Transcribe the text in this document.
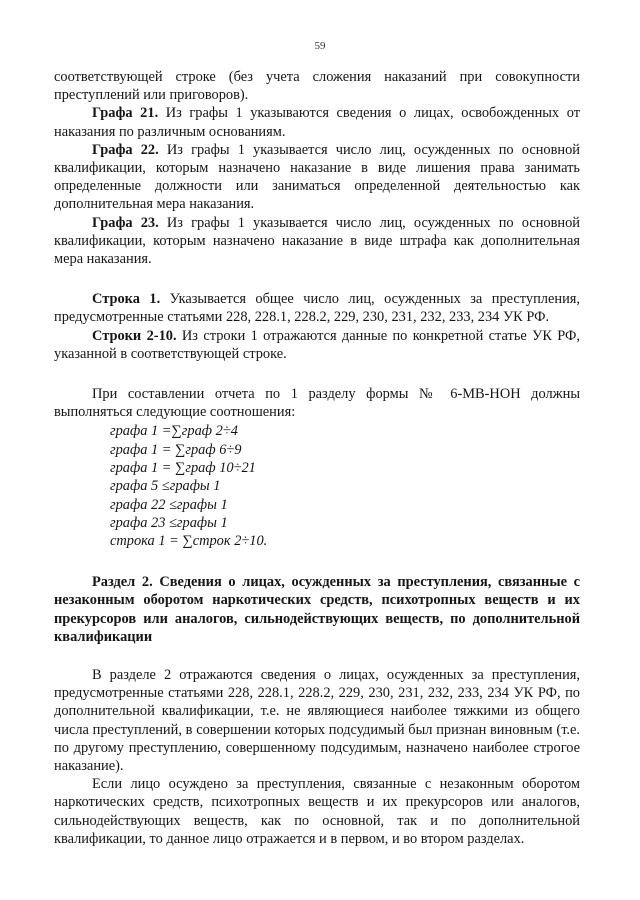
59

соответствующей строке (без учета сложения наказаний при совокупности преступлений или приговоров).

Графа 21. Из графы 1 указываются сведения о лицах, освобожденных от наказания по различным основаниям.

Графа 22. Из графы 1 указывается число лиц, осужденных по основной квалификации, которым назначено наказание в виде лишения права занимать определенные должности или заниматься определенной деятельностью как дополнительная мера наказания.

Графа 23. Из графы 1 указывается число лиц, осужденных по основной квалификации, которым назначено наказание в виде штрафа как дополнительная мера наказания.

Строка 1. Указывается общее число лиц, осужденных за преступления, предусмотренные статьями 228, 228.1, 228.2, 229, 230, 231, 232, 233, 234 УК РФ.

Строки 2-10. Из строки 1 отражаются данные по конкретной статье УК РФ, указанной в соответствующей строке.

При составлении отчета по 1 разделу формы № 6-МВ-НОН должны выполняться следующие соотношения:

графа 1 =∑граф 2÷4
графа 1 = ∑граф 6÷9
графа 1 = ∑граф 10÷21
графа 5 ≤графы 1
графа 22 ≤графы 1
графа 23 ≤графы 1
строка 1 = ∑строк 2÷10.

Раздел 2. Сведения о лицах, осужденных за преступления, связанные с незаконным оборотом наркотических средств, психотропных веществ и их прекурсоров или аналогов, сильнодействующих веществ, по дополнительной квалификации

В разделе 2 отражаются сведения о лицах, осужденных за преступления, предусмотренные статьями 228, 228.1, 228.2, 229, 230, 231, 232, 233, 234 УК РФ, по дополнительной квалификации, т.е. не являющиеся наиболее тяжкими из общего числа преступлений, в совершении которых подсудимый был признан виновным (т.е. по другому преступлению, совершенному подсудимым, назначено наиболее строгое наказание).

Если лицо осуждено за преступления, связанные с незаконным оборотом наркотических средств, психотропных веществ и их прекурсоров или аналогов, сильнодействующих веществ, как по основной, так и по дополнительной квалификации, то данное лицо отражается и в первом, и во втором разделах.
